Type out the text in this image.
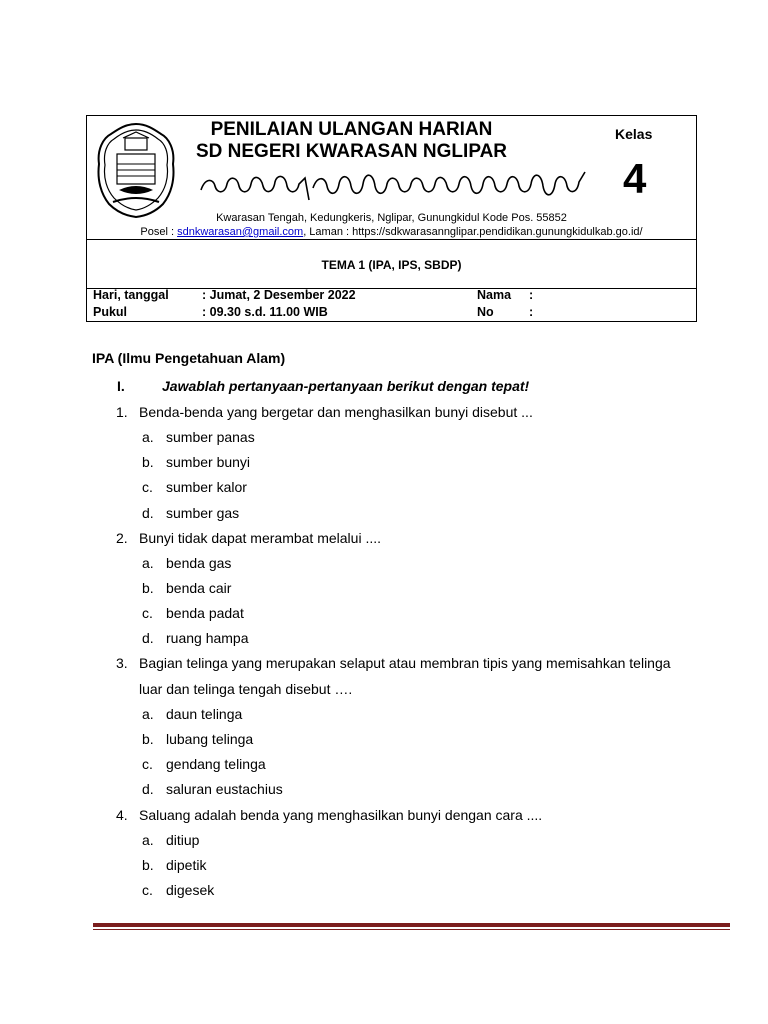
PENILAIAN ULANGAN HARIAN
SD NEGERI KWARASAN NGLIPAR
Kelas
4
Kwarasan Tengah, Kedungkeris, Nglipar, Gunungkidul Kode Pos. 55852
Posel : sdnkwarasan@gmail.com, Laman : https://sdkwarasannglipar.pendidikan.gunungkidulkab.go.id/
TEMA 1 (IPA, IPS, SBDP)
Hari, tanggal	: Jumat, 2 Desember 2022	Nama :
Pukul	: 09.30 s.d. 11.00 WIB	No	:
IPA (Ilmu Pengetahuan Alam)
I.	Jawablah pertanyaan-pertanyaan berikut dengan tepat!
1. Benda-benda yang bergetar dan menghasilkan bunyi disebut ...
a. sumber panas
b. sumber bunyi
c. sumber kalor
d. sumber gas
2. Bunyi tidak dapat merambat melalui ....
a. benda gas
b. benda cair
c. benda padat
d. ruang hampa
3. Bagian telinga yang merupakan selaput atau membran tipis yang memisahkan telinga
luar dan telinga tengah disebut ….
a. daun telinga
b. lubang telinga
c. gendang telinga
d. saluran eustachius
4. Saluang adalah benda yang menghasilkan bunyi dengan cara ....
a. ditiup
b. dipetik
c. digesek
